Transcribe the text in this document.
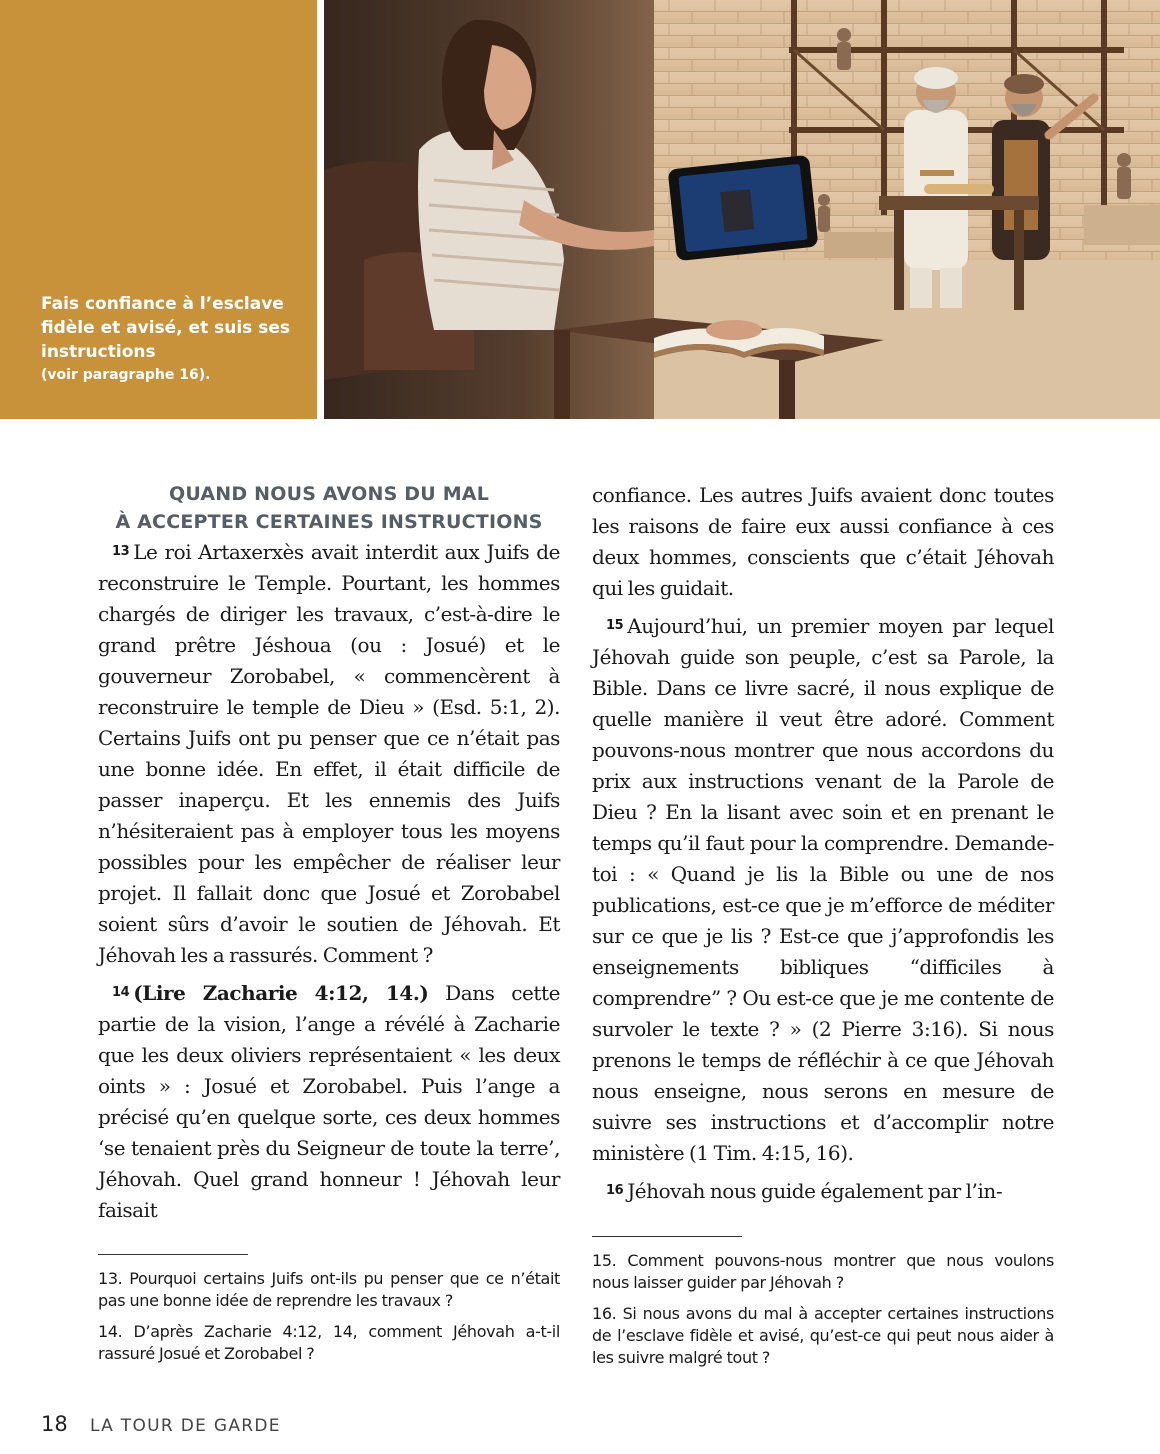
Fais confiance à l’esclave fidèle et avisé, et suis ses instructions
(voir paragraphe 16).
QUAND NOUS AVONS DU MAL
À ACCEPTER CERTAINES INSTRUCTIONS

$^{13}$ Le roi Artaxerxès avait interdit aux Juifs de reconstruire le Temple. Pourtant, les hommes chargés de diriger les travaux, c’est-à-dire le grand prêtre Jéshoua (ou : Josué) et le gouverneur Zorobabel, « commencèrent à reconstruire le temple de Dieu » (Esd. 5:1, 2). Certains Juifs ont pu penser que ce n’était pas une bonne idée. En effet, il était difficile de passer inaperçu. Et les ennemis des Juifs n’hésiteraient pas à employer tous les moyens possibles pour les empêcher de réaliser leur projet. Il fallait donc que Josué et Zorobabel soient sûrs d’avoir le soutien de Jéhovah. Et Jéhovah les a rassurés. Comment ?

$^{14}$ (Lire Zacharie 4:12, 14.) Dans cette partie de la vision, l’ange a révélé à Zacharie que les deux oliviers représentaient « les deux oints » : Josué et Zorobabel. Puis l’ange a précisé qu’en quelque sorte, ces deux hommes ‘se tenaient près du Seigneur de toute la terre’, Jéhovah. Quel grand honneur ! Jéhovah leur faisait

confiance. Les autres Juifs avaient donc toutes les raisons de faire eux aussi confiance à ces deux hommes, conscients que c’était Jéhovah qui les guidait.

$^{15}$ Aujourd’hui, un premier moyen par lequel Jéhovah guide son peuple, c’est sa Parole, la Bible. Dans ce livre sacré, il nous explique de quelle manière il veut être adoré. Comment pouvons-nous montrer que nous accordons du prix aux instructions venant de la Parole de Dieu ? En la lisant avec soin et en prenant le temps qu’il faut pour la comprendre. Demande-toi : « Quand je lis la Bible ou une de nos publications, est-ce que je m’efforce de méditer sur ce que je lis ? Est-ce que j’approfondis les enseignements bibliques “difficiles à comprendre” ? Ou est-ce que je me contente de survoler le texte ? » (2 Pierre 3:16). Si nous prenons le temps de réfléchir à ce que Jéhovah nous enseigne, nous serons en mesure de suivre ses instructions et d’accomplir notre ministère (1 Tim. 4:15, 16).

$^{16}$ Jéhovah nous guide également par l’in-

13. Pourquoi certains Juifs ont-ils pu penser que ce n’était pas une bonne idée de reprendre les travaux ?

14. D’après Zacharie 4:12, 14, comment Jéhovah a-t-il rassuré Josué et Zorobabel ?

15. Comment pouvons-nous montrer que nous voulons nous laisser guider par Jéhovah ?

16. Si nous avons du mal à accepter certaines instructions de l’esclave fidèle et avisé, qu’est-ce qui peut nous aider à les suivre malgré tout ?

18 LA TOUR DE GARDE
